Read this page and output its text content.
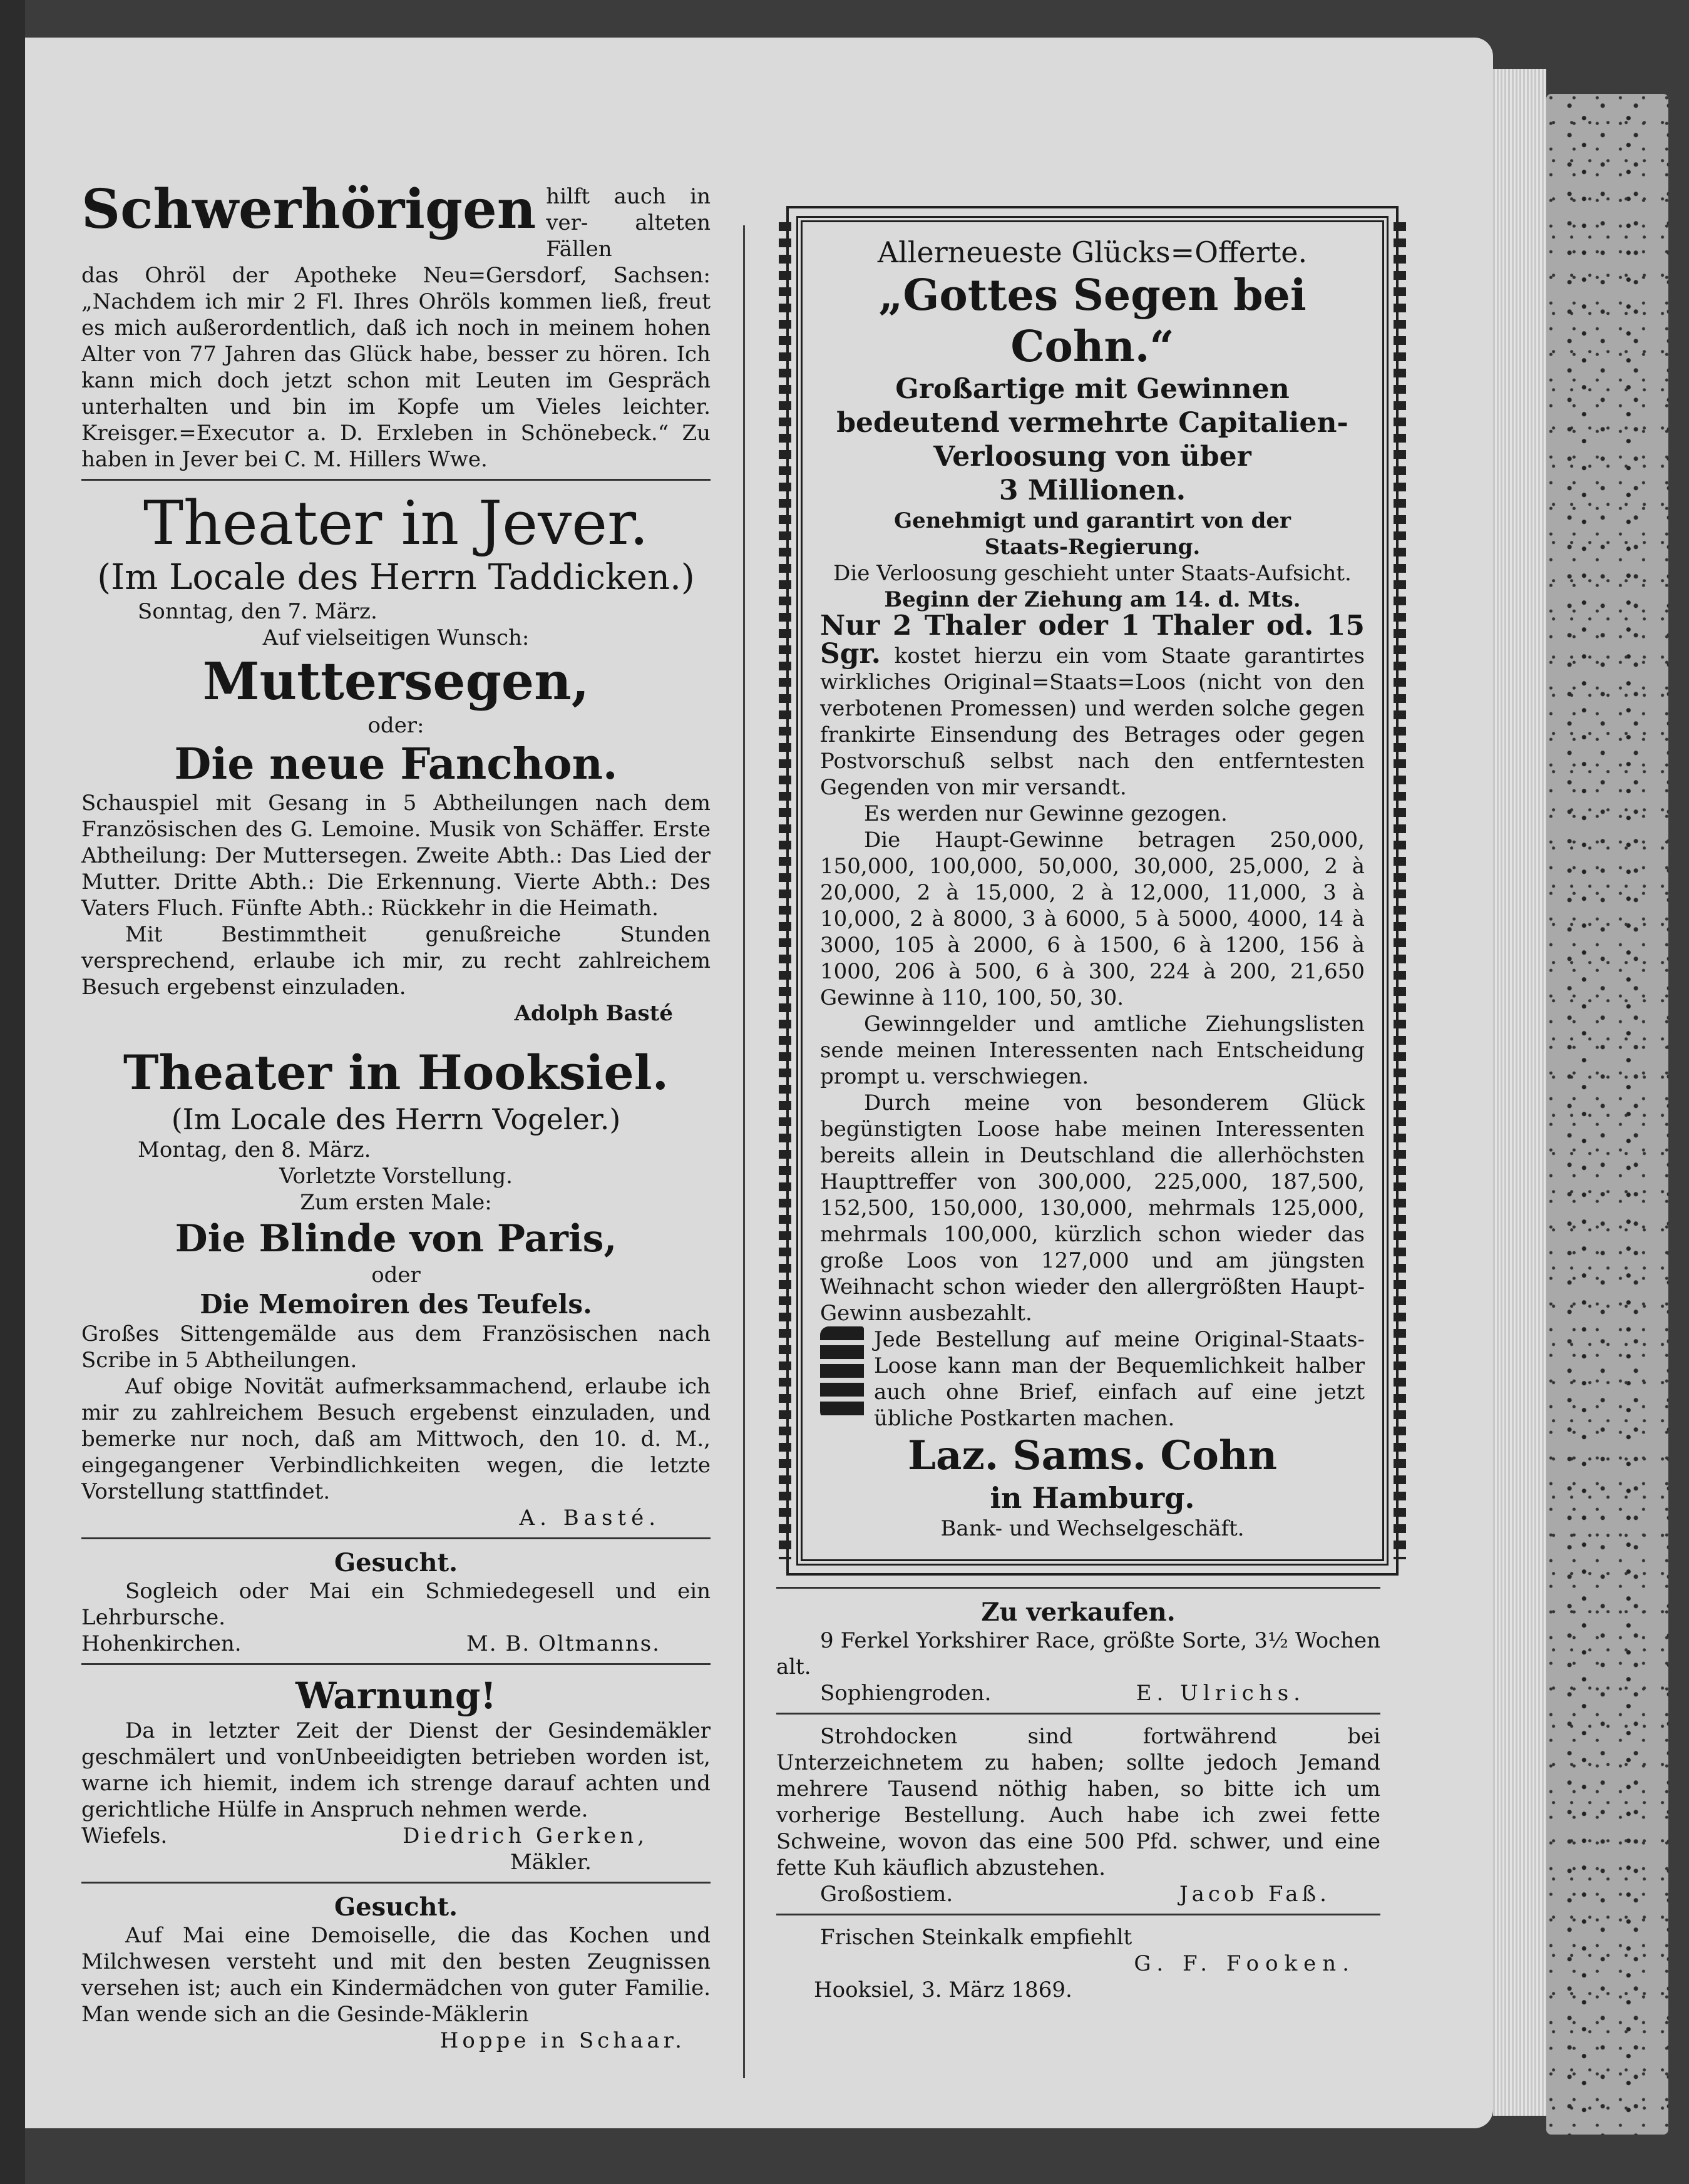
Schwerhörigen hilft auch in ver- alteten Fällen

das Ohröl der Apotheke Neu=Gersdorf, Sachsen: „Nachdem ich mir 2 Fl. Ihres Ohröls kommen ließ, freut es mich außerordentlich, daß ich noch in meinem hohen Alter von 77 Jahren das Glück habe, besser zu hören. Ich kann mich doch jetzt schon mit Leuten im Gespräch unterhalten und bin im Kopfe um Vieles leichter. Kreisger.=Executor a. D. Erxleben in Schönebeck.“ Zu haben in Jever bei C. M. Hillers Wwe.

Theater in Jever.
(Im Locale des Herrn Taddicken.)

Sonntag, den 7. März.

Auf vielseitigen Wunsch:

Muttersegen,

oder:

Die neue Fanchon.

Schauspiel mit Gesang in 5 Abtheilungen nach dem Französischen des G. Lemoine. Musik von Schäffer. Erste Abtheilung: Der Muttersegen. Zweite Abth.: Das Lied der Mutter. Dritte Abth.: Die Erkennung. Vierte Abth.: Des Vaters Fluch. Fünfte Abth.: Rückkehr in die Heimath.

Mit Bestimmtheit genußreiche Stunden versprechend, erlaube ich mir, zu recht zahlreichem Besuch ergebenst einzuladen.

Adolph Basté

Theater in Hooksiel.
(Im Locale des Herrn Vogeler.)

Montag, den 8. März.

Vorletzte Vorstellung.

Zum ersten Male:

Die Blinde von Paris,

oder

Die Memoiren des Teufels.

Großes Sittengemälde aus dem Französischen nach Scribe in 5 Abtheilungen.

Auf obige Novität aufmerksammachend, erlaube ich mir zu zahlreichem Besuch ergebenst einzuladen, und bemerke nur noch, daß am Mittwoch, den 10. d. M., eingegangener Verbindlichkeiten wegen, die letzte Vorstellung stattfindet.

A. Basté.

Gesucht.

Sogleich oder Mai ein Schmiedegesell und ein Lehrbursche.

Hohenkirchen.	M. B. Oltmanns.
Warnung!

Da in letzter Zeit der Dienst der Gesindemäkler geschmälert und vonUnbeeidigten betrieben worden ist, warne ich hiemit, indem ich strenge darauf achten und gerichtliche Hülfe in Anspruch nehmen werde.

Wiefels.	Diedrich Gerken,

Mäkler.

Gesucht.

Auf Mai eine Demoiselle, die das Kochen und Milchwesen versteht und mit den besten Zeugnissen versehen ist; auch ein Kindermädchen von guter Familie. Man wende sich an die Gesinde-Mäklerin

Hoppe in Schaar.

Allerneueste Glücks=Offerte.
„Gottes Segen bei Cohn.“
Großartige mit Gewinnen bedeutend vermehrte Capitalien-Verloosung von über
3 Millionen.
Genehmigt und garantirt von der Staats-Regierung.

Die Verloosung geschieht unter Staats-Aufsicht.

Beginn der Ziehung am 14. d. Mts.

Nur 2 Thaler oder 1 Thaler od. 15 Sgr. kostet hierzu ein vom Staate garantirtes wirkliches Original=Staats=Loos (nicht von den verbotenen Promessen) und werden solche gegen frankirte Einsendung des Betrages oder gegen Postvorschuß selbst nach den entferntesten Gegenden von mir versandt.

Es werden nur Gewinne gezogen.

Die Haupt-Gewinne betragen 250,000, 150,000, 100,000, 50,000, 30,000, 25,000, 2 à 20,000, 2 à 15,000, 2 à 12,000, 11,000, 3 à 10,000, 2 à 8000, 3 à 6000, 5 à 5000, 4000, 14 à 3000, 105 à 2000, 6 à 1500, 6 à 1200, 156 à 1000, 206 à 500, 6 à 300, 224 à 200, 21,650 Gewinne à 110, 100, 50, 30.

Gewinngelder und amtliche Ziehungslisten sende meinen Interessenten nach Entscheidung prompt u. verschwiegen.

Durch meine von besonderem Glück begünstigten Loose habe meinen Interessenten bereits allein in Deutschland die allerhöchsten Haupttreffer von 300,000, 225,000, 187,500, 152,500, 150,000, 130,000, mehrmals 125,000, mehrmals 100,000, kürzlich schon wieder das große Loos von 127,000 und am jüngsten Weihnacht schon wieder den allergrößten Haupt-Gewinn ausbezahlt.

Jede Bestellung auf meine Original-Staats-Loose kann man der Bequemlichkeit halber auch ohne Brief, einfach auf eine jetzt übliche Postkarten machen.

Laz. Sams. Cohn
in Hamburg.

Bank- und Wechselgeschäft.

Zu verkaufen.

9 Ferkel Yorkshirer Race, größte Sorte, 3½ Wochen alt.

Sophiengroden.	E. Ulrichs.

Strohdocken sind fortwährend bei Unterzeichnetem zu haben; sollte jedoch Jemand mehrere Tausend nöthig haben, so bitte ich um vorherige Bestellung. Auch habe ich zwei fette Schweine, wovon das eine 500 Pfd. schwer, und eine fette Kuh käuflich abzustehen.

Großostiem.	Jacob Faß.

Frischen Steinkalk empfiehlt

G. F. Fooken.

Hooksiel, 3. März 1869.
